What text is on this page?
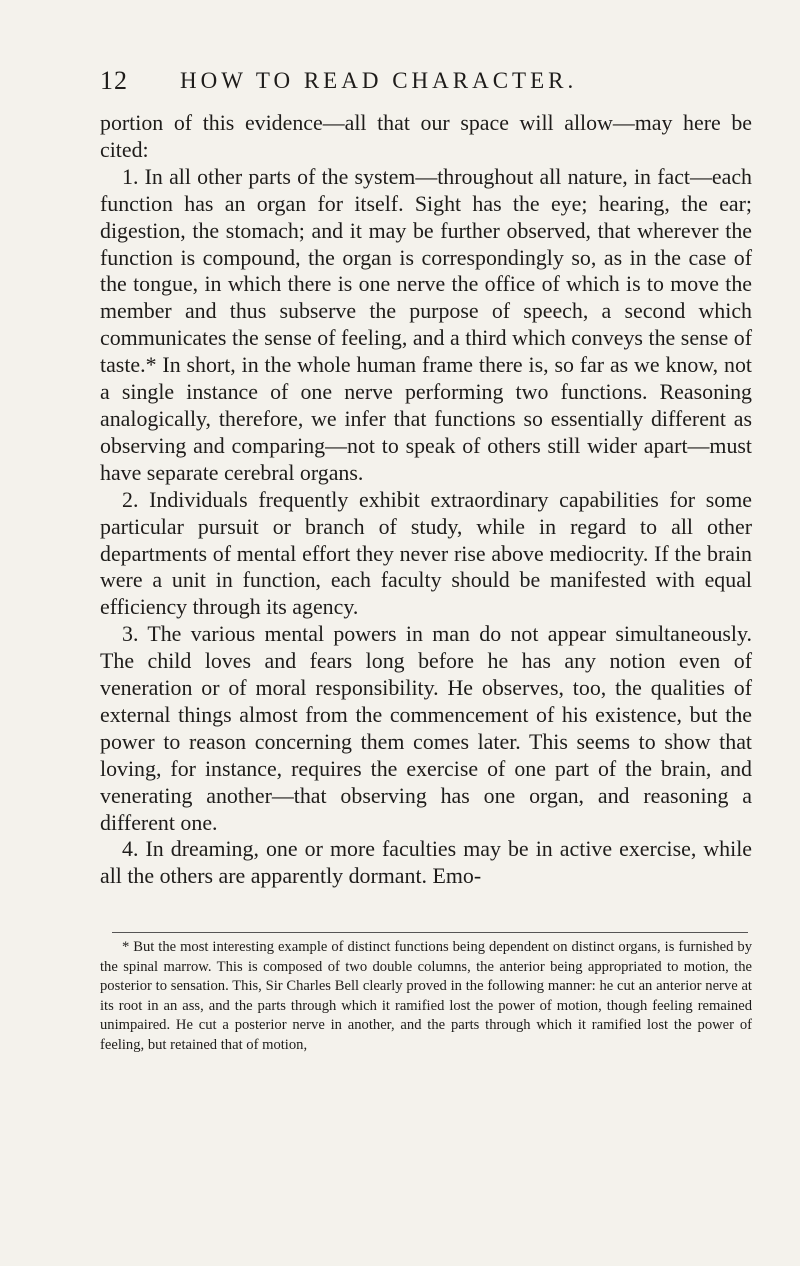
12 HOW TO READ CHARACTER.

portion of this evidence—all that our space will allow—may here be cited:

1. In all other parts of the system—throughout all nature, in fact—each function has an organ for itself. Sight has the eye; hearing, the ear; digestion, the stomach; and it may be further observed, that wherever the function is compound, the organ is correspondingly so, as in the case of the tongue, in which there is one nerve the office of which is to move the member and thus subserve the purpose of speech, a second which communicates the sense of feeling, and a third which conveys the sense of taste.* In short, in the whole human frame there is, so far as we know, not a single instance of one nerve performing two functions. Reasoning analogically, therefore, we infer that functions so essentially different as observing and comparing—not to speak of others still wider apart—must have separate cerebral organs.

2. Individuals frequently exhibit extraordinary capabilities for some particular pursuit or branch of study, while in regard to all other departments of mental effort they never rise above mediocrity. If the brain were a unit in function, each faculty should be manifested with equal efficiency through its agency.

3. The various mental powers in man do not appear simultaneously. The child loves and fears long before he has any notion even of veneration or of moral responsibility. He observes, too, the qualities of external things almost from the commencement of his existence, but the power to reason concerning them comes later. This seems to show that loving, for instance, requires the exercise of one part of the brain, and venerating another—that observing has one organ, and reasoning a different one.

4. In dreaming, one or more faculties may be in active exercise, while all the others are apparently dormant. Emo-

* But the most interesting example of distinct functions being dependent on distinct organs, is furnished by the spinal marrow. This is composed of two double columns, the anterior being appropriated to motion, the posterior to sensation. This, Sir Charles Bell clearly proved in the following manner: he cut an anterior nerve at its root in an ass, and the parts through which it ramified lost the power of motion, though feeling remained unimpaired. He cut a posterior nerve in another, and the parts through which it ramified lost the power of feeling, but retained that of motion,
